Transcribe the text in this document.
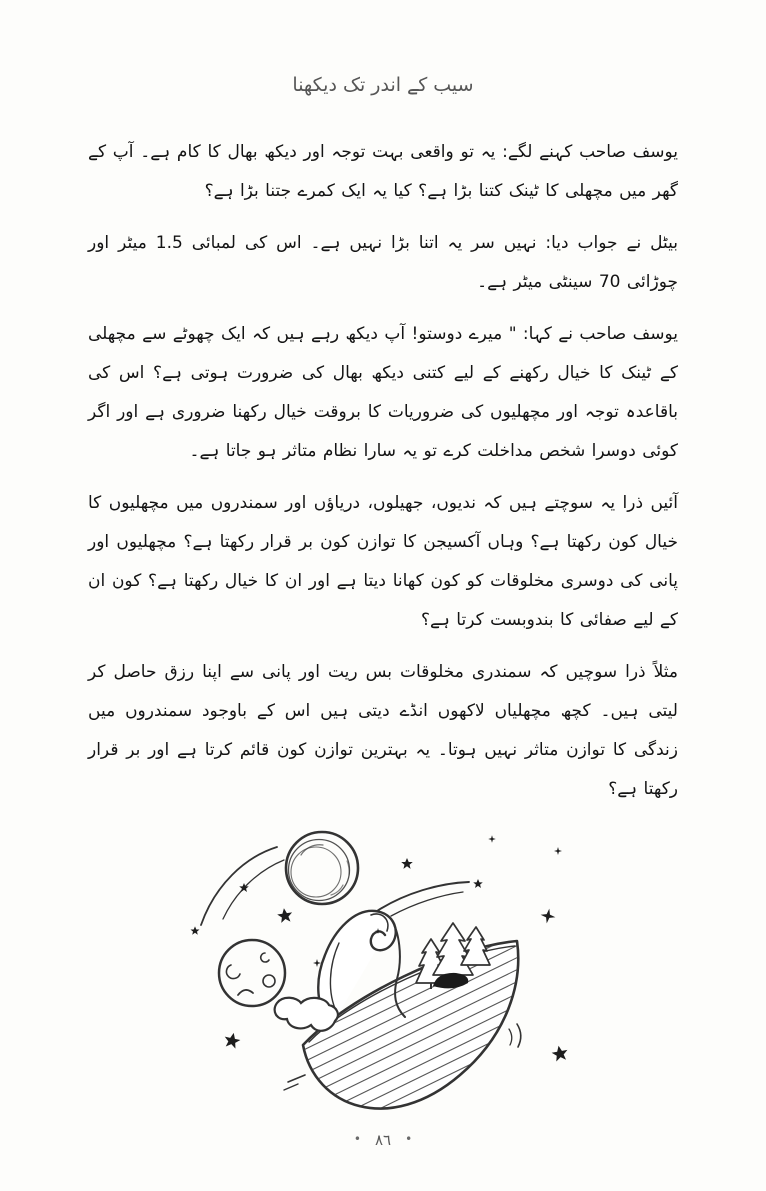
سیب کے اندر تک دیکھنا

یوسف صاحب کہنے لگے: یہ تو واقعی بہت توجہ اور دیکھ بھال کا کام ہے۔ آپ کے گھر میں مچھلی کا ٹینک کتنا بڑا ہے؟ کیا یہ ایک کمرے جتنا بڑا ہے؟

بیٹل نے جواب دیا: نہیں سر یہ اتنا بڑا نہیں ہے۔ اس کی لمبائی 1.5 میٹر اور چوڑائی 70 سینٹی میٹر ہے۔

یوسف صاحب نے کہا: " میرے دوستو! آپ دیکھ رہے ہیں کہ ایک چھوٹے سے مچھلی کے ٹینک کا خیال رکھنے کے لیے کتنی دیکھ بھال کی ضرورت ہوتی ہے؟ اس کی باقاعدہ توجہ اور مچھلیوں کی ضروریات کا بروقت خیال رکھنا ضروری ہے اور اگر کوئی دوسرا شخص مداخلت کرے تو یہ سارا نظام متاثر ہو جاتا ہے۔

آئیں ذرا یہ سوچتے ہیں کہ ندیوں، جھیلوں، دریاؤں اور سمندروں میں مچھلیوں کا خیال کون رکھتا ہے؟ وہاں آکسیجن کا توازن کون بر قرار رکھتا ہے؟ مچھلیوں اور پانی کی دوسری مخلوقات کو کون کھانا دیتا ہے اور ان کا خیال رکھتا ہے؟ کون ان کے لیے صفائی کا بندوبست کرتا ہے؟

مثلاً ذرا سوچیں کہ سمندری مخلوقات بس ریت اور پانی سے اپنا رزق حاصل کر لیتی ہیں۔ کچھ مچھلیاں لاکھوں انڈے دیتی ہیں اس کے باوجود سمندروں میں زندگی کا توازن متاثر نہیں ہوتا۔ یہ بہترین توازن کون قائم کرتا ہے اور بر قرار رکھتا ہے؟

•٨٦•
